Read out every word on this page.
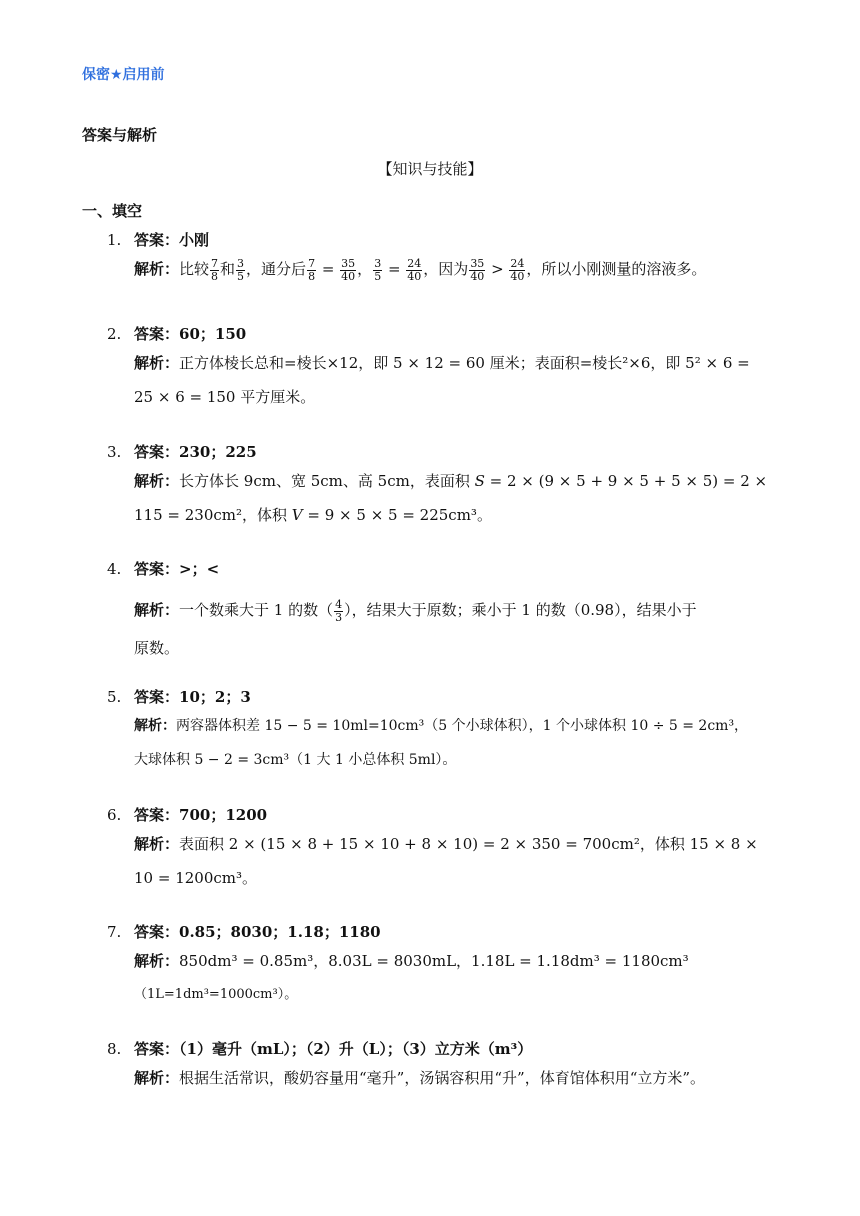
保密★启用前
答案与解析
【知识与技能】
一、填空
1. 答案：小刚
解析：比较 $\frac{7}{8}$ 和 $\frac{3}{5}$ ，通分后 $\frac{7}{8} = \frac{35}{40}$ ， $\frac{3}{5} = \frac{24}{40}$ ，因为 $\frac{35}{40} > \frac{24}{40}$ ，所以小刚测量的溶液多。
2. 答案：60；150
解析：正方体棱长总和=棱长×12，即 5 × 12 = 60 厘米；表面积=棱长²×6，即 5² × 6 =
25 × 6 = 150 平方厘米。
3. 答案：230；225
解析：长方体长 9cm、宽 5cm、高 5cm，表面积 S = 2 × (9 × 5 + 9 × 5 + 5 × 5) = 2 ×
115 = 230cm²，体积 V = 9 × 5 × 5 = 225cm³。
4. 答案：>；<
解析：一个数乘大于 1 的数（ $\frac{4}{3}$ ），结果大于原数；乘小于 1 的数（0.98），结果小于
原数。
5. 答案：10；2；3
解析：两容器体积差 15 − 5 = 10ml=10cm³（5 个小球体积），1 个小球体积 10 ÷ 5 = 2cm³，
大球体积 5 − 2 = 3cm³（1 大 1 小总体积 5ml）。
6. 答案：700；1200
解析：表面积 2 × (15 × 8 + 15 × 10 + 8 × 10) = 2 × 350 = 700cm²，体积 15 × 8 ×
10 = 1200cm³。
7. 答案：0.85；8030；1.18；1180
解析：850dm³ = 0.85m³，8.03L = 8030mL，1.18L = 1.18dm³ = 1180cm³
（1L=1dm³=1000cm³）。
8. 答案：（1）毫升（mL）；（2）升（L）；（3）立方米（m³）
解析：根据生活常识，酸奶容量用“毫升”，汤锅容积用“升”，体育馆体积用“立方米”。
